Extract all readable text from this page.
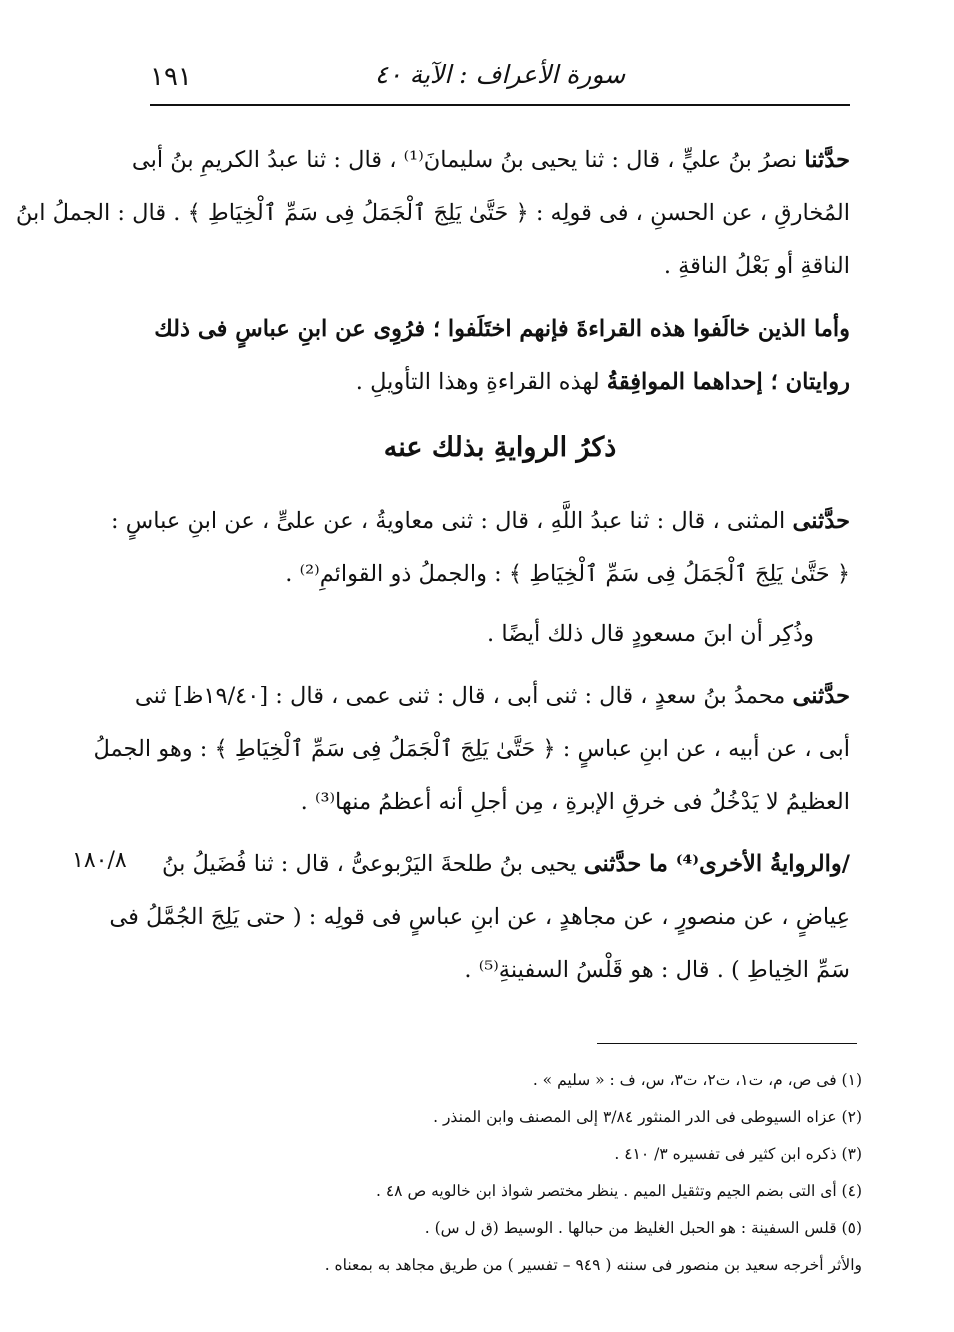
١٩١	سورة الأعراف : الآية ٤٠
حدَّثنا نصرُ بنُ عليٍّ ، قال : ثنا يحيى بنُ سليمانَ⁽¹⁾ ، قال : ثنا عبدُ الكريمِ بنُ أبى
المُخارقِ ، عن الحسنِ ، فى قولِه : ﴿ حَتَّىٰ يَلِجَ ٱلْجَمَلُ فِى سَمِّ ٱلْخِيَاطِ ﴾ . قال : الجملُ ابنُ
الناقةِ أو بَعْلُ الناقةِ .
وأما الذين خالَفوا هذه القراءةَ فإنهم اختَلَفوا ؛ فرُوِى عن ابنِ عباسٍ فى ذلك
روايتان ؛ إحداهما الموافِقةُ لهذه القراءةِ وهذا التأويلِ .
ذكرُ الروايةِ بذلك عنه
حدَّثنى المثنى ، قال : ثنا عبدُ اللَّهِ ، قال : ثنى معاويةُ ، عن علىٍّ ، عن ابنِ عباسٍ :
﴿ حَتَّىٰ يَلِجَ ٱلْجَمَلُ فِى سَمِّ ٱلْخِيَاطِ ﴾ : والجملُ ذو القوائمِ⁽²⁾ .
وذُكِر أن ابنَ مسعودٍ قال ذلك أيضًا .
حدَّثنى محمدُ بنُ سعدٍ ، قال : ثنى أبى ، قال : ثنى عمى ، قال : [١٩/٤٠ظ] ثنى
أبى ، عن أبيه ، عن ابنِ عباسٍ : ﴿ حَتَّىٰ يَلِجَ ٱلْجَمَلُ فِى سَمِّ ٱلْخِيَاطِ ﴾ : وهو الجملُ
العظيمُ لا يَدْخُلُ فى خرقِ الإبرةِ ، مِن أجلِ أنه أعظمُ منها⁽³⁾ .
/والروايةُ الأخرى⁽⁴⁾ ما حدَّثنى يحيى بنُ طلحةَ اليَرْبوعىُّ ، قال : ثنا فُضَيلُ بنُ
عِياضٍ ، عن منصورٍ ، عن مجاهدٍ ، عن ابنِ عباسٍ فى قولِه : ( حتى يَلِجَ الجُمَّلُ فى
سَمِّ الخِياطِ ) . قال : هو قَلْسُ السفينةِ⁽⁵⁾ .
١٨٠/٨
(١) فى ص، م، ت١، ت٢، ت٣، س، ف : « سليم » .
(٢) عزاه السيوطى فى الدر المنثور ٣/٨٤ إلى المصنف وابن المنذر .
(٣) ذكره ابن كثير فى تفسيره ٣/ ٤١٠ .
(٤) أى التى بضم الجيم وتثقيل الميم . ينظر مختصر شواذ ابن خالويه ص ٤٨ .
(٥) قلس السفينة : هو الحبل الغليظ من حبالها . الوسيط (ق ل س) .
والأثر أخرجه سعيد بن منصور فى سننه ( ٩٤٩ – تفسير ) من طريق مجاهد به بمعناه .
